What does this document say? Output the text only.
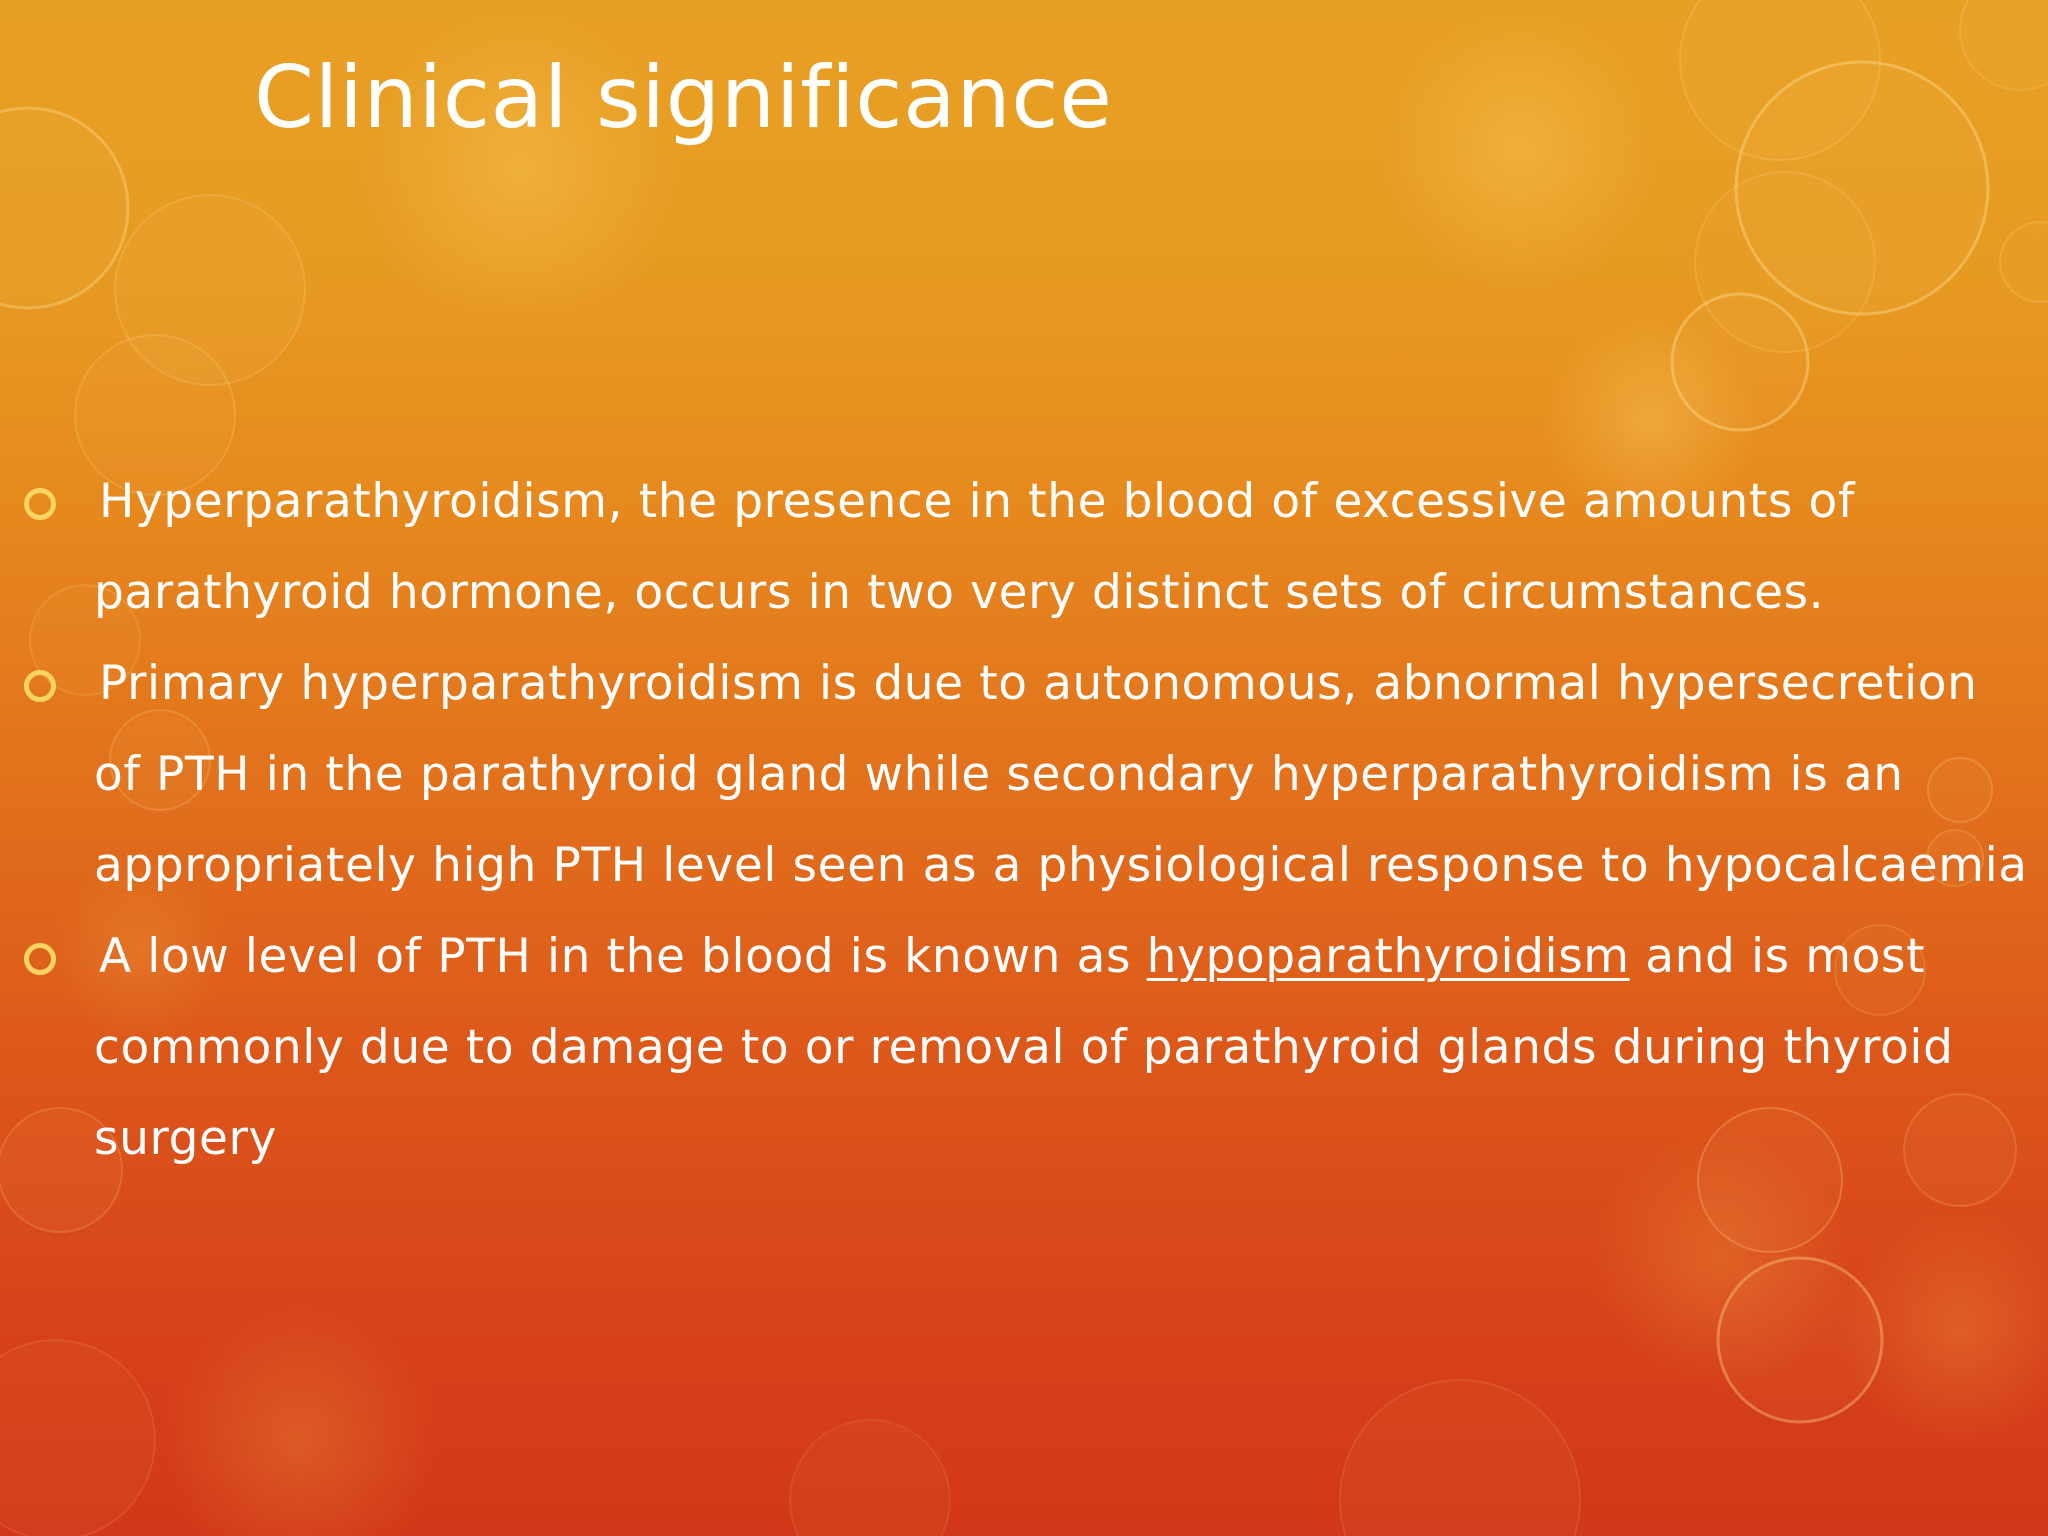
Clinical significance
Hyperparathyroidism, the presence in the blood of excessive amounts of parathyroid hormone, occurs in two very distinct sets of circumstances.
Primary hyperparathyroidism is due to autonomous, abnormal hypersecretion of PTH in the parathyroid gland while secondary hyperparathyroidism is an appropriately high PTH level seen as a physiological response to hypocalcaemia
A low level of PTH in the blood is known as hypoparathyroidism and is most commonly due to damage to or removal of parathyroid glands during thyroid surgery
